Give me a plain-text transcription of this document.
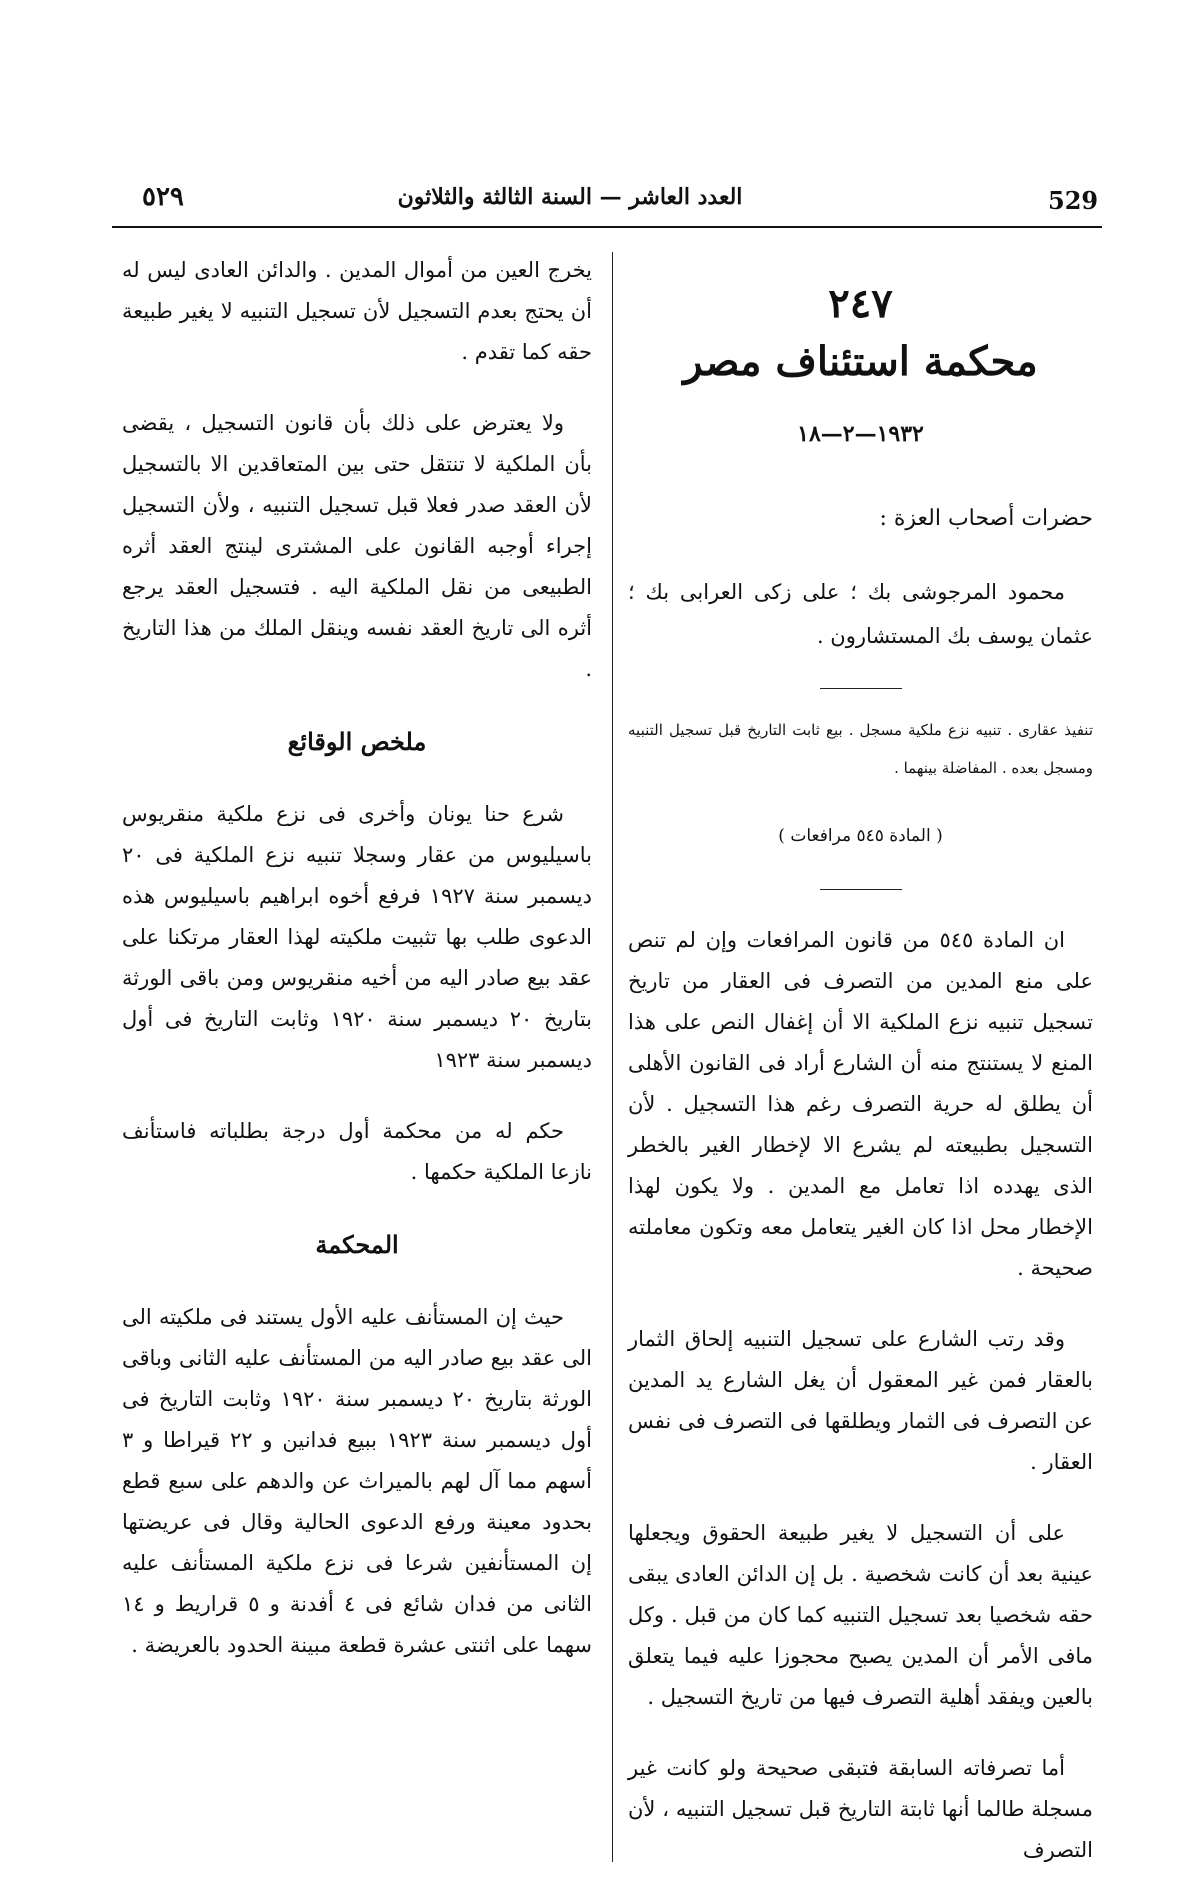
٥٢٩	العدد العاشر — السنة الثالثة والثلاثون	529
٢٤٧
محكمة استئناف مصر
١٩٣٢—٢—١٨

حضرات أصحاب العزة :

محمود المرجوشى بك ؛ على زكى العرابى بك ؛ عثمان يوسف بك المستشارون .

تنفيذ عقارى . تنبيه نزع ملكية مسجل . بيع ثابت التاريخ قبل تسجيل التنبيه ومسجل بعده . المفاضلة بينهما .

( المادة ٥٤٥ مرافعات )

ان المادة ٥٤٥ من قانون المرافعات وإن لم تنص على منع المدين من التصرف فى العقار من تاريخ تسجيل تنبيه نزع الملكية الا أن إغفال النص على هذا المنع لا يستنتج منه أن الشارع أراد فى القانون الأهلى أن يطلق له حرية التصرف رغم هذا التسجيل . لأن التسجيل بطبيعته لم يشرع الا لإخطار الغير بالخطر الذى يهدده اذا تعامل مع المدين . ولا يكون لهذا الإخطار محل اذا كان الغير يتعامل معه وتكون معاملته صحيحة .

وقد رتب الشارع على تسجيل التنبيه إلحاق الثمار بالعقار فمن غير المعقول أن يغل الشارع يد المدين عن التصرف فى الثمار ويطلقها فى التصرف فى نفس العقار .

على أن التسجيل لا يغير طبيعة الحقوق ويجعلها عينية بعد أن كانت شخصية . بل إن الدائن العادى يبقى حقه شخصيا بعد تسجيل التنبيه كما كان من قبل . وكل مافى الأمر أن المدين يصبح محجوزا عليه فيما يتعلق بالعين ويفقد أهلية التصرف فيها من تاريخ التسجيل .

أما تصرفاته السابقة فتبقى صحيحة ولو كانت غير مسجلة طالما أنها ثابتة التاريخ قبل تسجيل التنبيه ، لأن التصرف

يخرج العين من أموال المدين . والدائن العادى ليس له أن يحتج بعدم التسجيل لأن تسجيل التنبيه لا يغير طبيعة حقه كما تقدم .

ولا يعترض على ذلك بأن قانون التسجيل ، يقضى بأن الملكية لا تنتقل حتى بين المتعاقدين الا بالتسجيل لأن العقد صدر فعلا قبل تسجيل التنبيه ، ولأن التسجيل إجراء أوجبه القانون على المشترى لينتج العقد أثره الطبيعى من نقل الملكية اليه . فتسجيل العقد يرجع أثره الى تاريخ العقد نفسه وينقل الملك من هذا التاريخ .

ملخص الوقائع

شرع حنا يونان وأخرى فى نزع ملكية منقريوس باسيليوس من عقار وسجلا تنبيه نزع الملكية فى ٢٠ ديسمبر سنة ١٩٢٧ فرفع أخوه ابراهيم باسيليوس هذه الدعوى طلب بها تثبيت ملكيته لهذا العقار مرتكنا على عقد بيع صادر اليه من أخيه منقريوس ومن باقى الورثة بتاريخ ٢٠ ديسمبر سنة ١٩٢٠ وثابت التاريخ فى أول ديسمبر سنة ١٩٢٣

حكم له من محكمة أول درجة بطلباته فاستأنف نازعا الملكية حكمها .

المحكمة

حيث إن المستأنف عليه الأول يستند فى ملكيته الى الى عقد بيع صادر اليه من المستأنف عليه الثانى وباقى الورثة بتاريخ ٢٠ ديسمبر سنة ١٩٢٠ وثابت التاريخ فى أول ديسمبر سنة ١٩٢٣ ببيع فدانين و ٢٢ قيراطا و ٣ أسهم مما آل لهم بالميراث عن والدهم على سبع قطع بحدود معينة ورفع الدعوى الحالية وقال فى عريضتها إن المستأنفين شرعا فى نزع ملكية المستأنف عليه الثانى من فدان شائع فى ٤ أفدنة و ٥ قراريط و ١٤ سهما على اثنتى عشرة قطعة مبينة الحدود بالعريضة .
